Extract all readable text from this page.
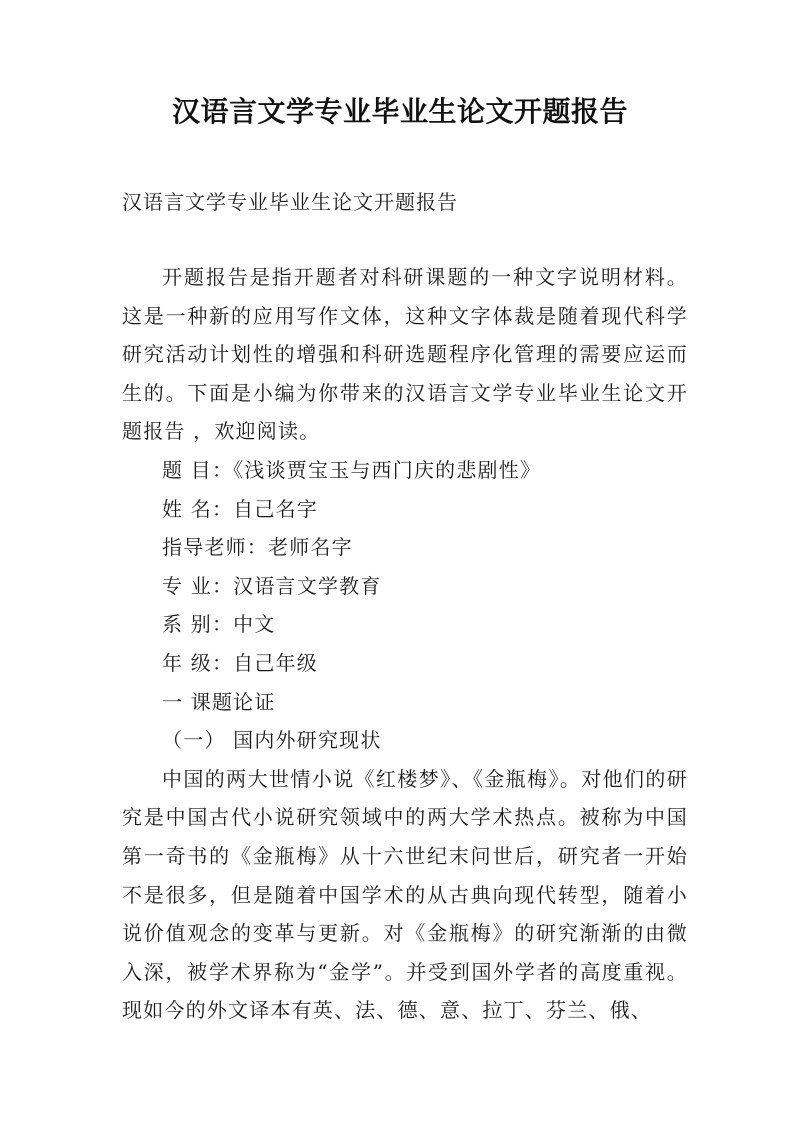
汉语言文学专业毕业生论文开题报告

汉语言文学专业毕业生论文开题报告

开题报告是指开题者对科研课题的一种文字说明材料。这是一种新的应用写作文体，这种文字体裁是随着现代科学研究活动计划性的增强和科研选题程序化管理的需要应运而生的。下面是小编为你带来的汉语言文学专业毕业生论文开题报告 ，欢迎阅读。

题 目：《浅谈贾宝玉与西门庆的悲剧性》

姓 名：自己名字

指导老师：老师名字

专 业：汉语言文学教育

系 别：中文

年 级：自己年级

一 课题论证

（一） 国内外研究现状

中国的两大世情小说《红楼梦》、《金瓶梅》。对他们的研究是中国古代小说研究领域中的两大学术热点。被称为中国第一奇书的《金瓶梅》从十六世纪末问世后，研究者一开始不是很多，但是随着中国学术的从古典向现代转型，随着小说价值观念的变革与更新。对《金瓶梅》的研究渐渐的由微入深，被学术界称为“金学”。并受到国外学者的高度重视。现如今的外文译本有英、法、德、意、拉丁、芬兰、俄、
